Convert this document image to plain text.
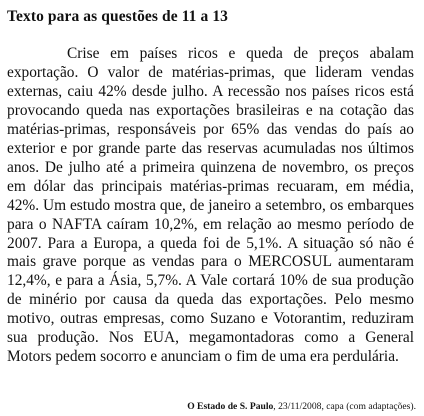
Texto para as questões de 11 a 13

Crise em países ricos e queda de preços abalam exportação. O valor de matérias-primas, que lideram vendas externas, caiu 42% desde julho. A recessão nos países ricos está provocando queda nas exportações brasileiras e na cotação das matérias-primas, responsáveis por 65% das vendas do país ao exterior e por grande parte das reservas acumuladas nos últimos anos. De julho até a primeira quinzena de novembro, os preços em dólar das principais matérias-primas recuaram, em média, 42%. Um estudo mostra que, de janeiro a setembro, os embarques para o NAFTA caíram 10,2%, em relação ao mesmo período de 2007. Para a Europa, a queda foi de 5,1%. A situação só não é mais grave porque as vendas para o MERCOSUL aumentaram 12,4%, e para a Ásia, 5,7%. A Vale cortará 10% de sua produção de minério por causa da queda das exportações. Pelo mesmo motivo, outras empresas, como Suzano e Votorantim, reduziram sua produção. Nos EUA, megamontadoras como a General Motors pedem socorro e anunciam o fim de uma era perdulária.

O Estado de S. Paulo, 23/11/2008, capa (com adaptações).
